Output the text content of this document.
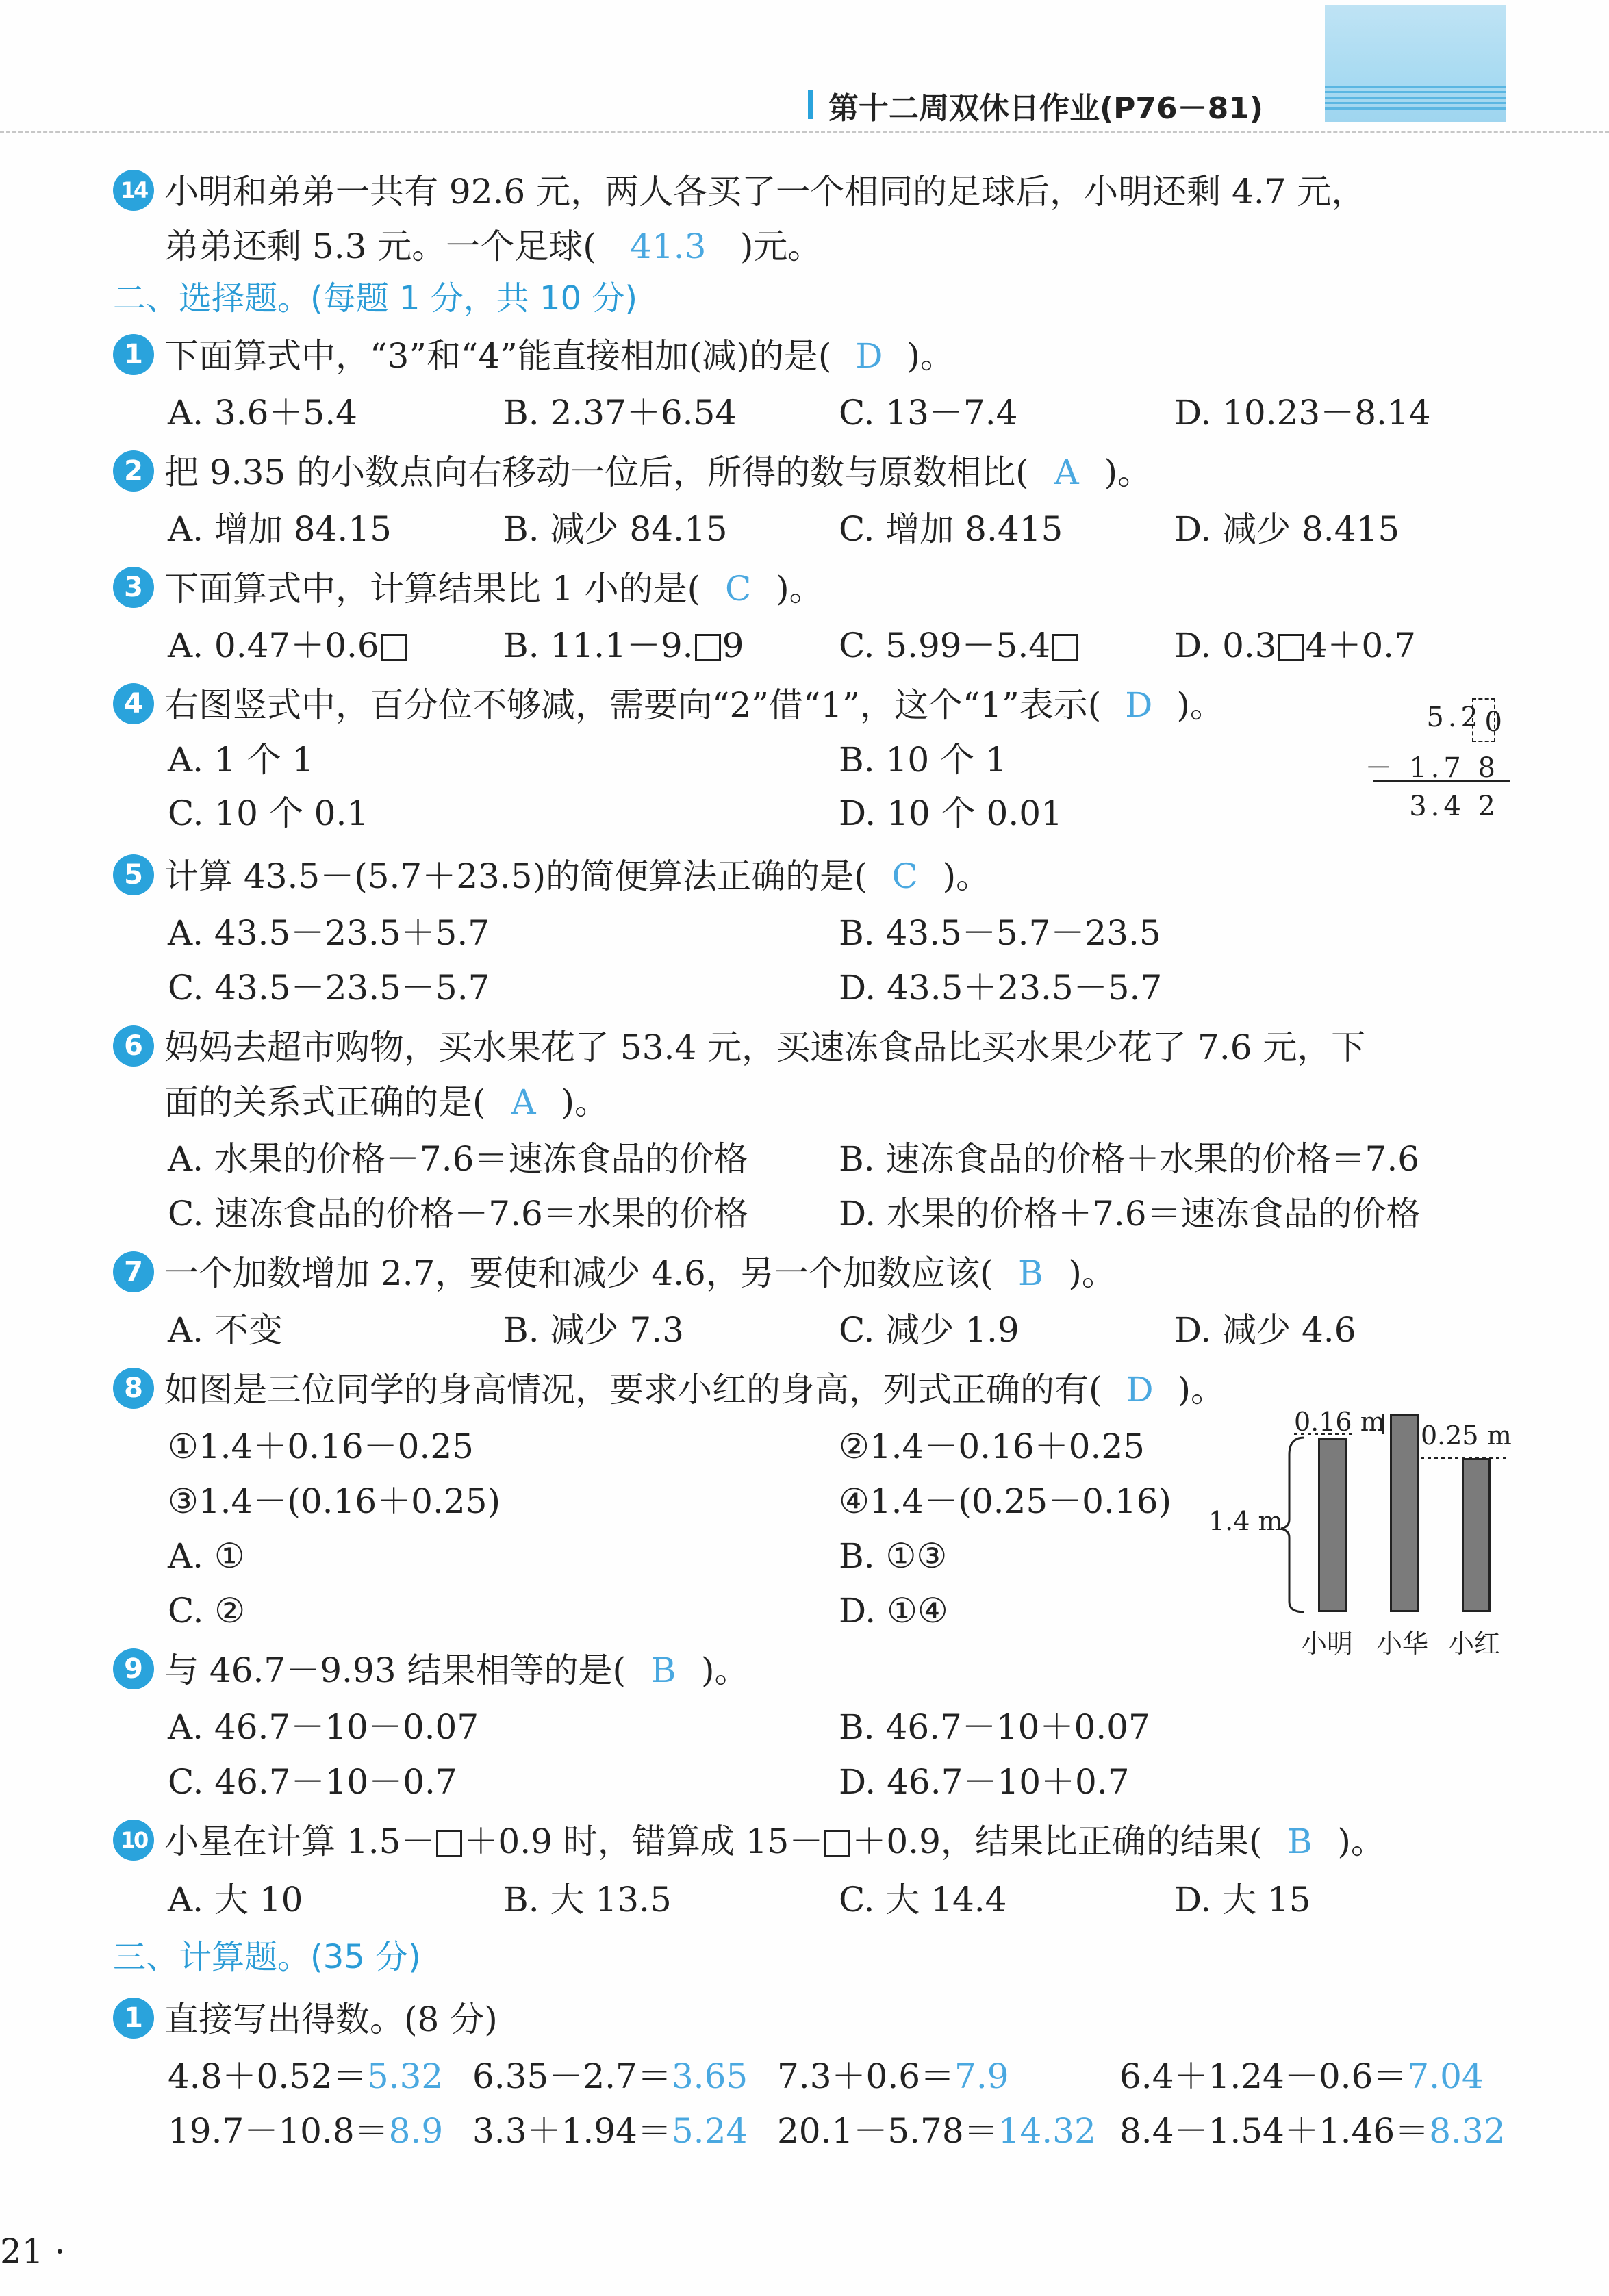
第十二周双休日作业(P76－81)
14 小明和弟弟一共有 92.6 元，两人各买了一个相同的足球后，小明还剩 4.7 元，
弟弟还剩 5.3 元。一个足球( 41.3 )元。
二、选择题。(每题 1 分，共 10 分)
1 下面算式中，“3”和“4”能直接相加(减)的是( D )。
A. 3.6＋5.4	B. 2.37＋6.54	C. 13－7.4	D. 10.23－8.14
2 把 9.35 的小数点向右移动一位后，所得的数与原数相比( A )。
A. 增加 84.15	B. 减少 84.15	C. 增加 8.415	D. 减少 8.415
3 下面算式中，计算结果比 1 小的是( C )。
A. 0.47＋0.6	B. 11.1－9. 9	C. 5.99－5.4	D. 0.3 4＋0.7
4 右图竖式中，百分位不够减，需要向“2”借“1”，这个“1”表示( D )。
A. 1 个 1	B. 10 个 1
C. 10 个 0.1	D. 10 个 0.01
5.2 0
－ 1.7 8
3.4 2
5 计算 43.5－(5.7＋23.5)的简便算法正确的是( C )。
A. 43.5－23.5＋5.7	B. 43.5－5.7－23.5
C. 43.5－23.5－5.7	D. 43.5＋23.5－5.7
6 妈妈去超市购物，买水果花了 53.4 元，买速冻食品比买水果少花了 7.6 元，下
面的关系式正确的是( A )。
A. 水果的价格－7.6＝速冻食品的价格	B. 速冻食品的价格＋水果的价格＝7.6
C. 速冻食品的价格－7.6＝水果的价格	D. 水果的价格＋7.6＝速冻食品的价格
7 一个加数增加 2.7，要使和减少 4.6，另一个加数应该( B )。
A. 不变	B. 减少 7.3	C. 减少 1.9	D. 减少 4.6
8 如图是三位同学的身高情况，要求小红的身高，列式正确的有( D )。
①1.4＋0.16－0.25	②1.4－0.16＋0.25
③1.4－(0.16＋0.25)	④1.4－(0.25－0.16)
A. ①	B. ①③
C. ②	D. ①④
0.16 m 0.25 m
1.4 m
小明 小华 小红
9 与 46.7－9.93 结果相等的是( B )。
A. 46.7－10－0.07	B. 46.7－10＋0.07
C. 46.7－10－0.7	D. 46.7－10＋0.7
10 小星在计算 1.5－ ＋0.9 时，错算成 15－ ＋0.9，结果比正确的结果( B )。
A. 大 10	B. 大 13.5	C. 大 14.4	D. 大 15
三、计算题。(35 分)
1 直接写出得数。(8 分)
4.8＋0.52＝5.32 6.35－2.7＝3.65 7.3＋0.6＝7.9	6.4＋1.24－0.6＝7.04
19.7－10.8＝8.9 3.3＋1.94＝5.24 20.1－5.78＝14.32 8.4－1.54＋1.46＝8.32
21 ·
